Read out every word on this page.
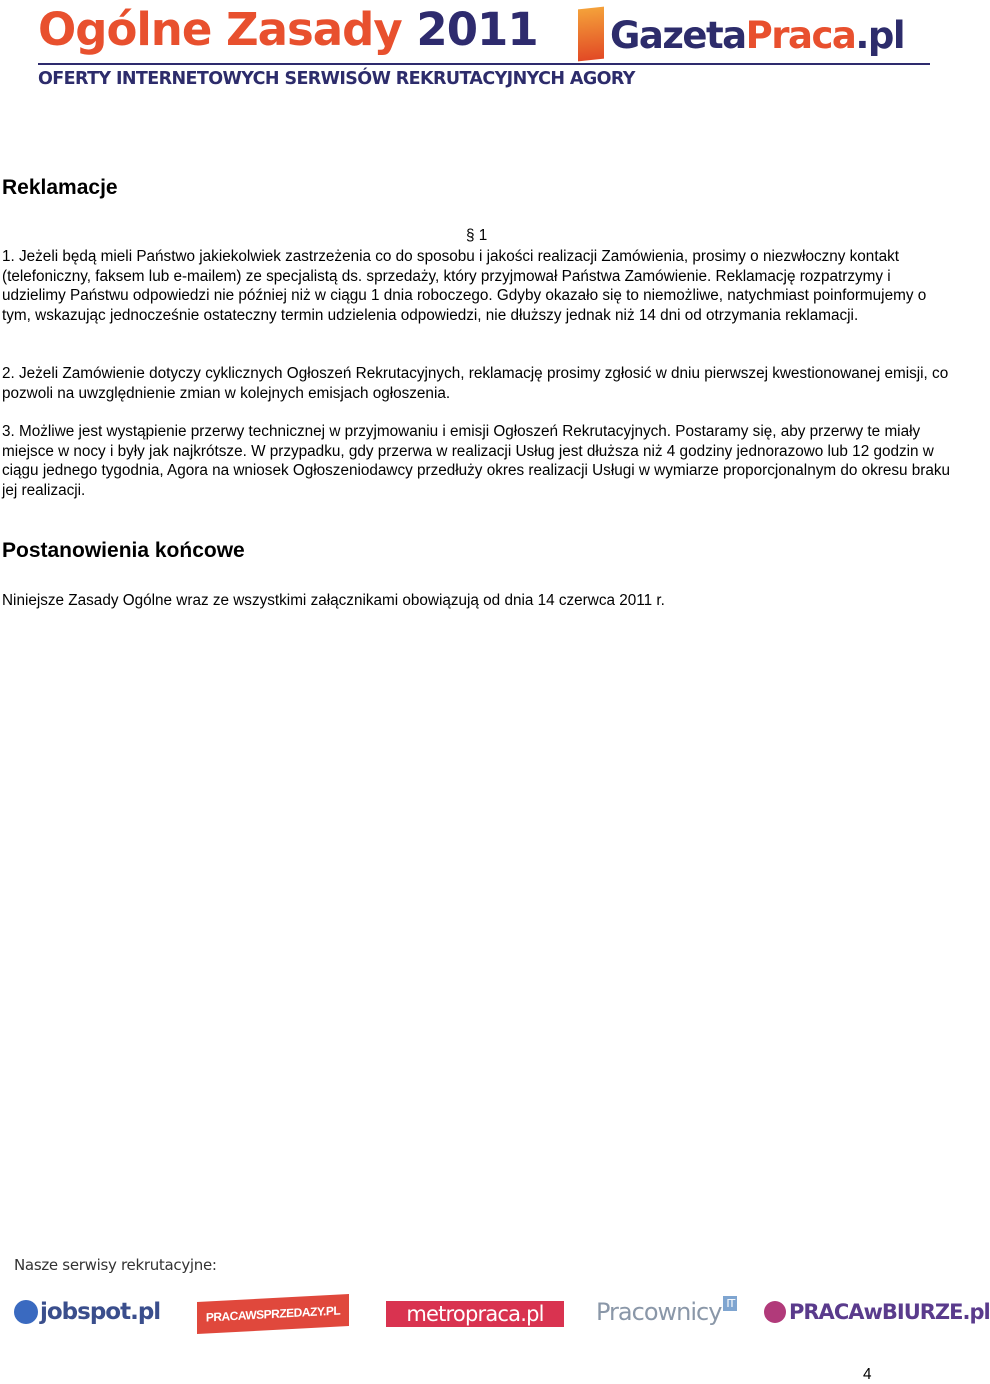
Ogólne Zasady 2011 GazetaPraca.pl
OFERTY INTERNETOWYCH SERWISÓW REKRUTACYJNYCH AGORY
Reklamacje
§ 1

1. Jeżeli będą mieli Państwo jakiekolwiek zastrzeżenia co do sposobu i jakości realizacji Zamówienia, prosimy o niezwłoczny kontakt (telefoniczny, faksem lub e-mailem) ze specjalistą ds. sprzedaży, który przyjmował Państwa Zamówienie. Reklamację rozpatrzymy i udzielimy Państwu odpowiedzi nie później niż w ciągu 1 dnia roboczego. Gdyby okazało się to niemożliwe, natychmiast poinformujemy o tym, wskazując jednocześnie ostateczny termin udzielenia odpowiedzi, nie dłuższy jednak niż 14 dni od otrzymania reklamacji.

2. Jeżeli Zamówienie dotyczy cyklicznych Ogłoszeń Rekrutacyjnych, reklamację prosimy zgłosić w dniu pierwszej kwestionowanej emisji, co pozwoli na uwzględnienie zmian w kolejnych emisjach ogłoszenia.

3. Możliwe jest wystąpienie przerwy technicznej w przyjmowaniu i emisji Ogłoszeń Rekrutacyjnych. Postaramy się, aby przerwy te miały miejsce w nocy i były jak najkrótsze. W przypadku, gdy przerwa w realizacji Usług jest dłuższa niż 4 godziny jednorazowo lub 12 godzin w ciągu jednego tygodnia, Agora na wniosek Ogłoszeniodawcy przedłuży okres realizacji Usługi w wymiarze proporcjonalnym do okresu braku jej realizacji.

Postanowienia końcowe

Niniejsze Zasady Ogólne wraz ze wszystkimi załącznikami obowiązują od dnia 14 czerwca 2011 r.

Nasze serwisy rekrutacyjne:
jobspot.pl	PRACAWSPRZEDAZY.PL	metropraca.pl Pracownicy IT	PRACAwBIURZE.pl
4
